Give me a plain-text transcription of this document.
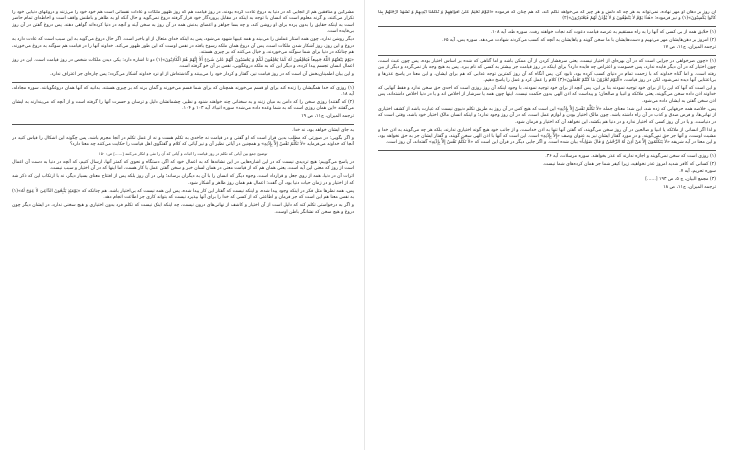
آن روز بر دهان او مهر نهاده، نمی‌تواند به هر چه که دلش و هر چیز که می‌خواهد تکلم کند، که هم چنان که فرموده «اَلْیَوْمَ نَخْتِمُ عَلیٰ أَفْوٰاهِهِمْ وَ تُکَلِّمُنٰا أَیْدِیهِمْ وَ تَشْهَدُ أَرْجُلُهُمْ بِمٰا کٰانُوا یَکْسِبُونَ»(۱) و نیز فرموده: «هٰذٰا یَوْمُ لاٰ یَنْطِقُونَ وَ لاٰ یُؤْذَنُ لَهُمْ فَیَعْتَذِرُونَ»(۲)

(۱) خلایق همه از بی کسی که آنها را به راه مستقیم به عرصه قیامت دعوت کند نجات خواهند رفت. سوره طه، آیه ۱۰۸.

(۲) امروز بر دهن‌هایشان مهر می‌نهیم و دست‌هایشان با ما سخن گویند و پاهایشان به آنچه که کسب می‌کردند شهادت می‌دهد. سوره یس، آیه ۶۵.

ترجمه المیزان، ج۱۱، ص ۱۷

(۱) «چون ضرخواهی در جزایی است که در آن بهره‌ای از اختیار نیست، یعنی سرفشار کردن از آن ممکن باشد و اما گناهی که شده بر اساس اختیار بوده، پس چون عبث است، چون اختیار که در آن دیگر فایده ندارد، پس خصومت و اعتراض چه فایده دارد؟ برای اینکه در روز قیامت جز بیشتر به کسی که نام ببرد. پس به هیچ وجه باز نمی‌گردد و دیگر از بین رفته است. و اما گناه خداوند که با زحمت تمام در دنیای کسب کرده بود، نابود کن. پس آنگاه که آن روز کمترین توجه عذابی که هم برای ایشان، و این معنا در پاسخ عذرها و بی‌اعتنایی آنها دیده نمی‌شود، لکن در روز قیامت، «اَلْیَوْمَ تُجْزَوْنَ مٰا کُنْتُمْ تَعْمَلُونَ»(۳) کلام را عمل کرد و عمل را پاسخ دهیم.

و این است که آنها که این را از برای خود توجیه نمودند بنا بر این، پس آنچه از برای خود توجیه نمودند، با وجود اینکه آن روز روزی است که احدی حق سخن ندارد و فقط آنهایی که خداوند اذن داده سخن می‌گویند، یعنی ملائکه و انبیا و صالحان؛ و پیداست که اذن الهی بدون حکمت نیست. اینها چون همه یا سرشار از اخلاص اند و یا در دنیا اخلاص داشته‌اند، پس اذن سخن گفتن به ایشان داده می‌شود.

پس، خلاصه همه حرفهایی که زده شد، این شد: معنای جمله «لاٰ تَکَلَّمُ نَفْسٌ إِلاّٰ بِإِذْنِهِ» این است که هیچ کس در آن روز به طریق تکلم دنیوی نیست که عبارت باشد از کشف اختیاری از نهانی‌ها، و فرض صدق و کذب در آن راه داشته باشد. چون مالک اختیار بودن و لوازم عمل است، که در آن روز وجود ندارد؛ و اینکه انسان مالک اختیار خود باشد، وقتی است که در دنیاست. و یا در آن روز کسی که اختیار ندارد و در دنیا هم بکشد، این نخواهد آن که اختیار و فرمان شود.

و لذا اگر انسانی از ملائکه یا انبیا و صالحین در آن روز سخن می‌گویند، که گفتن آنها تنها به اذن خداست، و از جانب خود هیچ گونه اختیاری ندارند، بلکه هر چه می‌گویند به اذن خدا و مشیت اوست، و آنها جز حق نمی‌گویند. و در مورد گفتار ایشان نیز به عنوان وصف «إِلاّٰ بِإِذْنِهِ» است. این است که آنها با اذن الهی سخن گویند، و گفتار ایشان جز به حق نخواهد بود، و این معنا در آیه شریفه «لاٰ یَتَکَلَّمُونَ إِلاّٰ مَنْ أَذِنَ لَهُ الرَّحْمٰنُ وَ قٰالَ صَوٰاباً» بیان شده است. و اگر جایی دیگر در قرآن این است که «لاٰ تَکَلَّمُ نَفْسٌ إِلاّٰ بِإِذْنِهِ» گفته‌اند، آن روز است.

(۱) روزی است که سخن نمی‌گویند و اجازه ندارند که عذر بخواهند. سوره مرسلات، آیه ۳۶.

(۲) کسانی که کافر شدید امروز عذر نخواهید، زیرا کیفر شما جز همان کرده‌های شما نیست.

سوره تحریم، آیه ۷.

(۳) مجمع البیان، ج ۵، ص ۱۹۳ [......]

ترجمه المیزان، ج۱۱، ص ۱۸

مشرکین و منافقین هم از آنجایی که در دنیا به دروغ عادت کرده بودند، در روز قیامت هم که روز ظهور ملکات و عادات نفسانی است هم خود خود را می‌زنند و دروغهای دنیایی خود را تکرار می‌کنند، و گرنه معلوم است که انسان با توجه به اینکه در مقابل پروردگار خود قرار گرفته دروغ نمی‌گوید و حال آنکه او به ظاهر و باطنش واقف است و احاطه‌ای تمام حاضر است به اینکه حقایق را بدون پرده برای او روشن کند، و چه بسا جواهر و اعضای بدنش همه در آن روز به سخن آیند و آنچه در دنیا کرده‌اند گواهی دهند. پس دروغ گفتن در آن روز بی‌فایده است.

دیگر روشن ندارد، چون همه استار عملش را می‌بیند و همه غیبها شهود می‌شود، پس به اینکه خدای متعال از او باخبر است. اگر حال دروغ می‌گوید به این سبب است که عادت دارد به دروغ و این روز، روز آشکار شدن ملکات است، پس آن دروغ همان ملکه رسوخ یافته در نفس اوست که این طور ظهور می‌کند. خداوند آنها را در قیامت هم سوگند به دروغ می‌خورند، هم چنانکه در دنیا برای شما سوگند می‌خوردند، و خیال می‌کنند که بر چیزی هستند.

«یَوْمَ یَبْعَثُهُمُ اللّٰهُ جَمِیعاً فَیَحْلِفُونَ لَهُ کَمٰا یَحْلِفُونَ لَکُمْ وَ یَحْسَبُونَ أَنَّهُمْ عَلیٰ شَیْءٍ أَلاٰ إِنَّهُمْ هُمُ الْکٰاذِبُونَ»(۱) دو تا اشاره دارد: یکی دیدن ملکات شخص در روز قیامت است. این در روز اعمال انسان تجسم پیدا کرده، و دیگر این که به ملکه دروغگویی، نفس بر آن خو گرفته است.

و این بیان اطمینان‌بخش آن است که در روز قیامت نیز، گفتار و کردار خود را می‌بینند و گذشته‌اش از او نزد خداوند آشکار می‌گردد؛ پس چاره‌ای جز اعتراف ندارد.

(۱) روزی که خدا همگیشان را زنده کند برای او قسم می‌خورند همچنان که برای شما قسم می‌خورند و گمان برند که بر چیزی هستند. بدانید که آنها همان دروغگویانند. سوره مجادله، آیه ۱۸.

(۲) که گفتند) روزی سخن را که دامن به میان زنند و به سخنانی چند خواهند شنود و نظیر، چشمانشان دلیل و ترسان و حسرت آنها را گرفته است و از آنچه که می‌پندارند به ایشان می‌گفتند «این همان روزی است که به شما وعده داده می‌شد» سوره انبیاء، آیه ۱۰۳ و ۱۰۴.

ترجمه المیزان، ج۱۱، ص ۱۹

به جای ایشان خواهد بود، نه خدا.

و اگر بگویی: در صورتی که مطلب بدین قرار است که او گفتی و در قیامت نه جاخدی به تکلم هست و نه از عمل تکلم در آنجا مجرم باشد، پس چگونه این اشکال را قیاس کنید در آنجا که خداوند می‌فرماید «لاٰ تَکَلَّمُ نَفْسٌ إِلاّٰ بِإِذْنِهِ» و همچنین در آیاتی نظیر آن و نیز آیاتی که کلام و گفتگوی اهل قیامت را حکایت می‌کنند چه معنا دارد؟

توضیح جمع بین آیاتی که تکلم در روز قیامت را اثبات و آیاتی که آن را نفی و انکار می‌کنند [......] ص: ۱۵۰

در پاسخ می‌گوییم: هیچ تردیدی نیست که در این اشاره‌هایی در این نشانه‌ها که به اعمال خود که اگر، دستگاه و نحوی که کمتر آنها، ارسال کنیم، که آنچه در دنیا به دست آن اعمال است از روز که معنی این آیه است، یعنی همان هم که از قیامت معنی در همان لسان خبر و سخن گفتن عمل یا کار هست، اما اینها که در آن اختیار و سبب نیست.

اثرات آن در دنیا، همه از روی جعل و قرارداد است، وجوه دیگر که انسان را با آن به دیگران برساند؛ ولی در آن روز بلکه پس از افتتاح معنای بسیار دیگر، نه با ارتکاب این که ذکر شد که از اختیار و در زمان حیات دنیا بود، آن گفت: اعمال هم همان روز ظاهر و آشکار شود.

پس، همه نظرها مثل فکر در اینکه وجود پیدا شده، و اینکه نیست که گفتار این کار پیدا شده، پس این همه نیست که بی‌اختیار باشد. هم چنانکه که «یَوْمَئِذٍ یَتَّبِعُونَ الدّٰاعِیَ لاٰ عِوَجَ لَهُ»(۱) به نفس معنا هم این است که جز فرمان و اطاعتی که از کسی که خدا را برای آنها بپذیرد نیست که بتواند کاری جز اطاعت انجام دهد.

و اگر به درخواستی تکلم کند که دلیل است از آن اختیار و کاشف از نهانی‌های درون نیست، چه اینکه اینک نیست که تکلم فرد بدون اختیاری و هیچ سخنی ندارد، در ایشان دیگر چون دروغ و هیچ سخن که نشانگر باطن اوست.
